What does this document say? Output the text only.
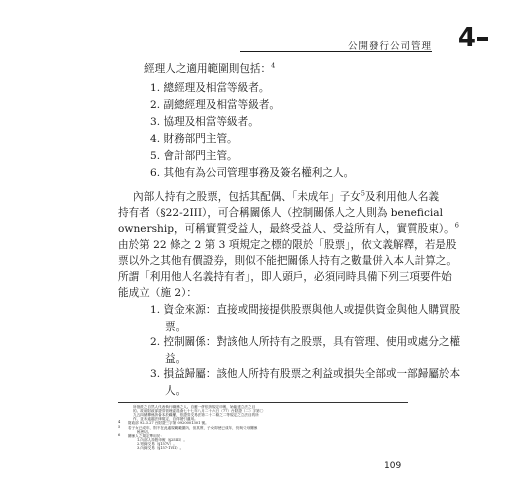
公開發行公司管理 4
經理人之適用範圍則包括：$^4$
1. 總經理及相當等級者。
2. 副總經理及相當等級者。
3. 協理及相當等級者。
4. 財務部門主管。
5. 會計部門主管。
6. 其他有為公司管理事務及簽名權利之人。
內部人持有之股票，包括其配偶、「未成年」子女$^5$及利用他人名義
持有者（§22-2III），可合稱關係人（控制關係人之人則為 beneficial
ownership，可稱實質受益人，最終受益人、受益所有人，實質股東）。$^6$
由於第 22 條之 2 第 3 項規定之標的限於「股票」，依文義解釋，若是股
票以外之其他有價證券，則似不能把關係人持有之數量併入本人計算之。
所謂「利用他人名義持有者」，即人頭戶，必須同時具備下列三項要件始
能成立（施 2）：
1. 資金來源：直接或間接提供股票與他人或提供資金與他人購買股
票。
2. 控制關係：對該他人所持有之股票，具有管理、使用或處分之權
益。
3. 損益歸屬：該他人所持有股票之利益或損失全部或一部歸屬於本
人。
所指派之自然人代表執行職務之人。自應一併依該規定申報，始能達立法之目
的。故前財政部證券管理委員會七十七年八月二十六日（77）台財證（二）字第〇
九五四號釋係該會本於職權，依證券交易法第二十二條之二等規定之立法目的所
作，並未逾越法律規定，自得援引適用。
4 財政部 92.3.27 台財證三字第 0920001301 號。
5 若子女已成年，則不在此處規範範圍內，但其實，子女即使已成年，仍與父母關係
極密切。
6 關係人之規定準用於：
1.內部人持股申報（§25III）。
2.短線交易（§157V）。
3.內線交易（§157-1VII）。
109
